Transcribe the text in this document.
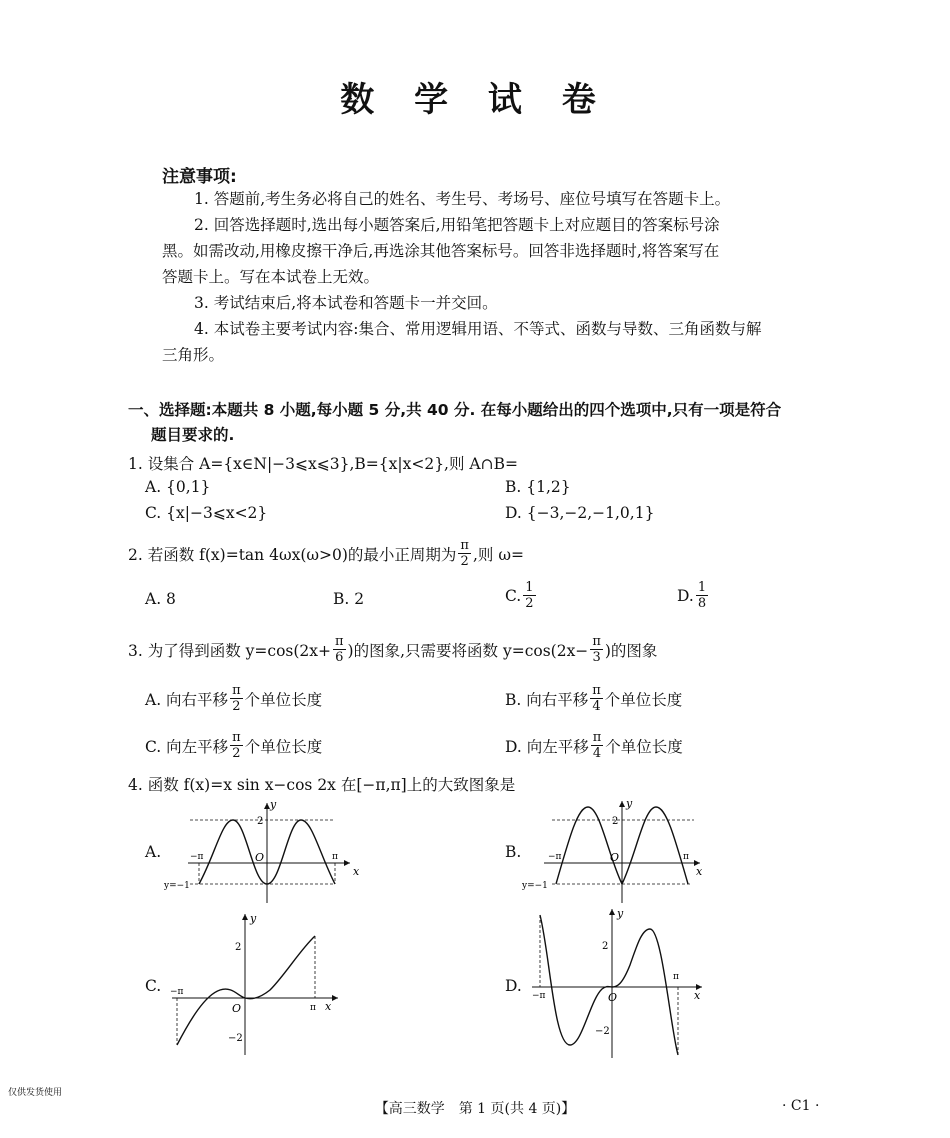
数 学 试 卷
注意事项:
1. 答题前,考生务必将自己的姓名、考生号、考场号、座位号填写在答题卡上。
2. 回答选择题时,选出每小题答案后,用铅笔把答题卡上对应题目的答案标号涂
黑。如需改动,用橡皮擦干净后,再选涂其他答案标号。回答非选择题时,将答案写在
答题卡上。写在本试卷上无效。
3. 考试结束后,将本试卷和答题卡一并交回。
4. 本试卷主要考试内容:集合、常用逻辑用语、不等式、函数与导数、三角函数与解
三角形。
一、选择题:本题共 8 小题,每小题 5 分,共 40 分. 在每小题给出的四个选项中,只有一项是符合
题目要求的.
1. 设集合 A={x∈N|−3⩽x⩽3},B={x|x<2},则 A∩B=
A. {0,1}	B. {1,2}
C. {x|−3⩽x<2}	D. {−3,−2,−1,0,1}
2. 若函数 f(x)=tan 4ωx(ω>0)的最小正周期为 $\frac{\pi}{2}$ ,则 ω=
A. 8	B. 2	C. $\frac{1}{2}$	D. $\frac{1}{8}$
3. 为了得到函数 $y=\cos(2x+ \frac{\pi}{6}$ )的图象,只需要将函数 $y=\cos(2x- \frac{\pi}{3}$ )的图象
A. 向右平移 $\frac{\pi}{2}$ 个单位长度	B. 向右平移 $\frac{\pi}{4}$ 个单位长度
C. 向左平移 $\frac{\pi}{2}$ 个单位长度	D. 向左平移 $\frac{\pi}{4}$ 个单位长度
4. 函数 f(x)=x sin x−cos 2x 在[−π,π]上的大致图象是
A.	B.
C.	D.
y
x
O
2
−π	π
y=−1
y
x
O
2
−π	π
y=−1
y
x
O
2
−2
−π
π
y
x
O
2
−2
−π
π
仅供发货使用
【高三数学　第 1 页(共 4 页)】	· C1 ·
